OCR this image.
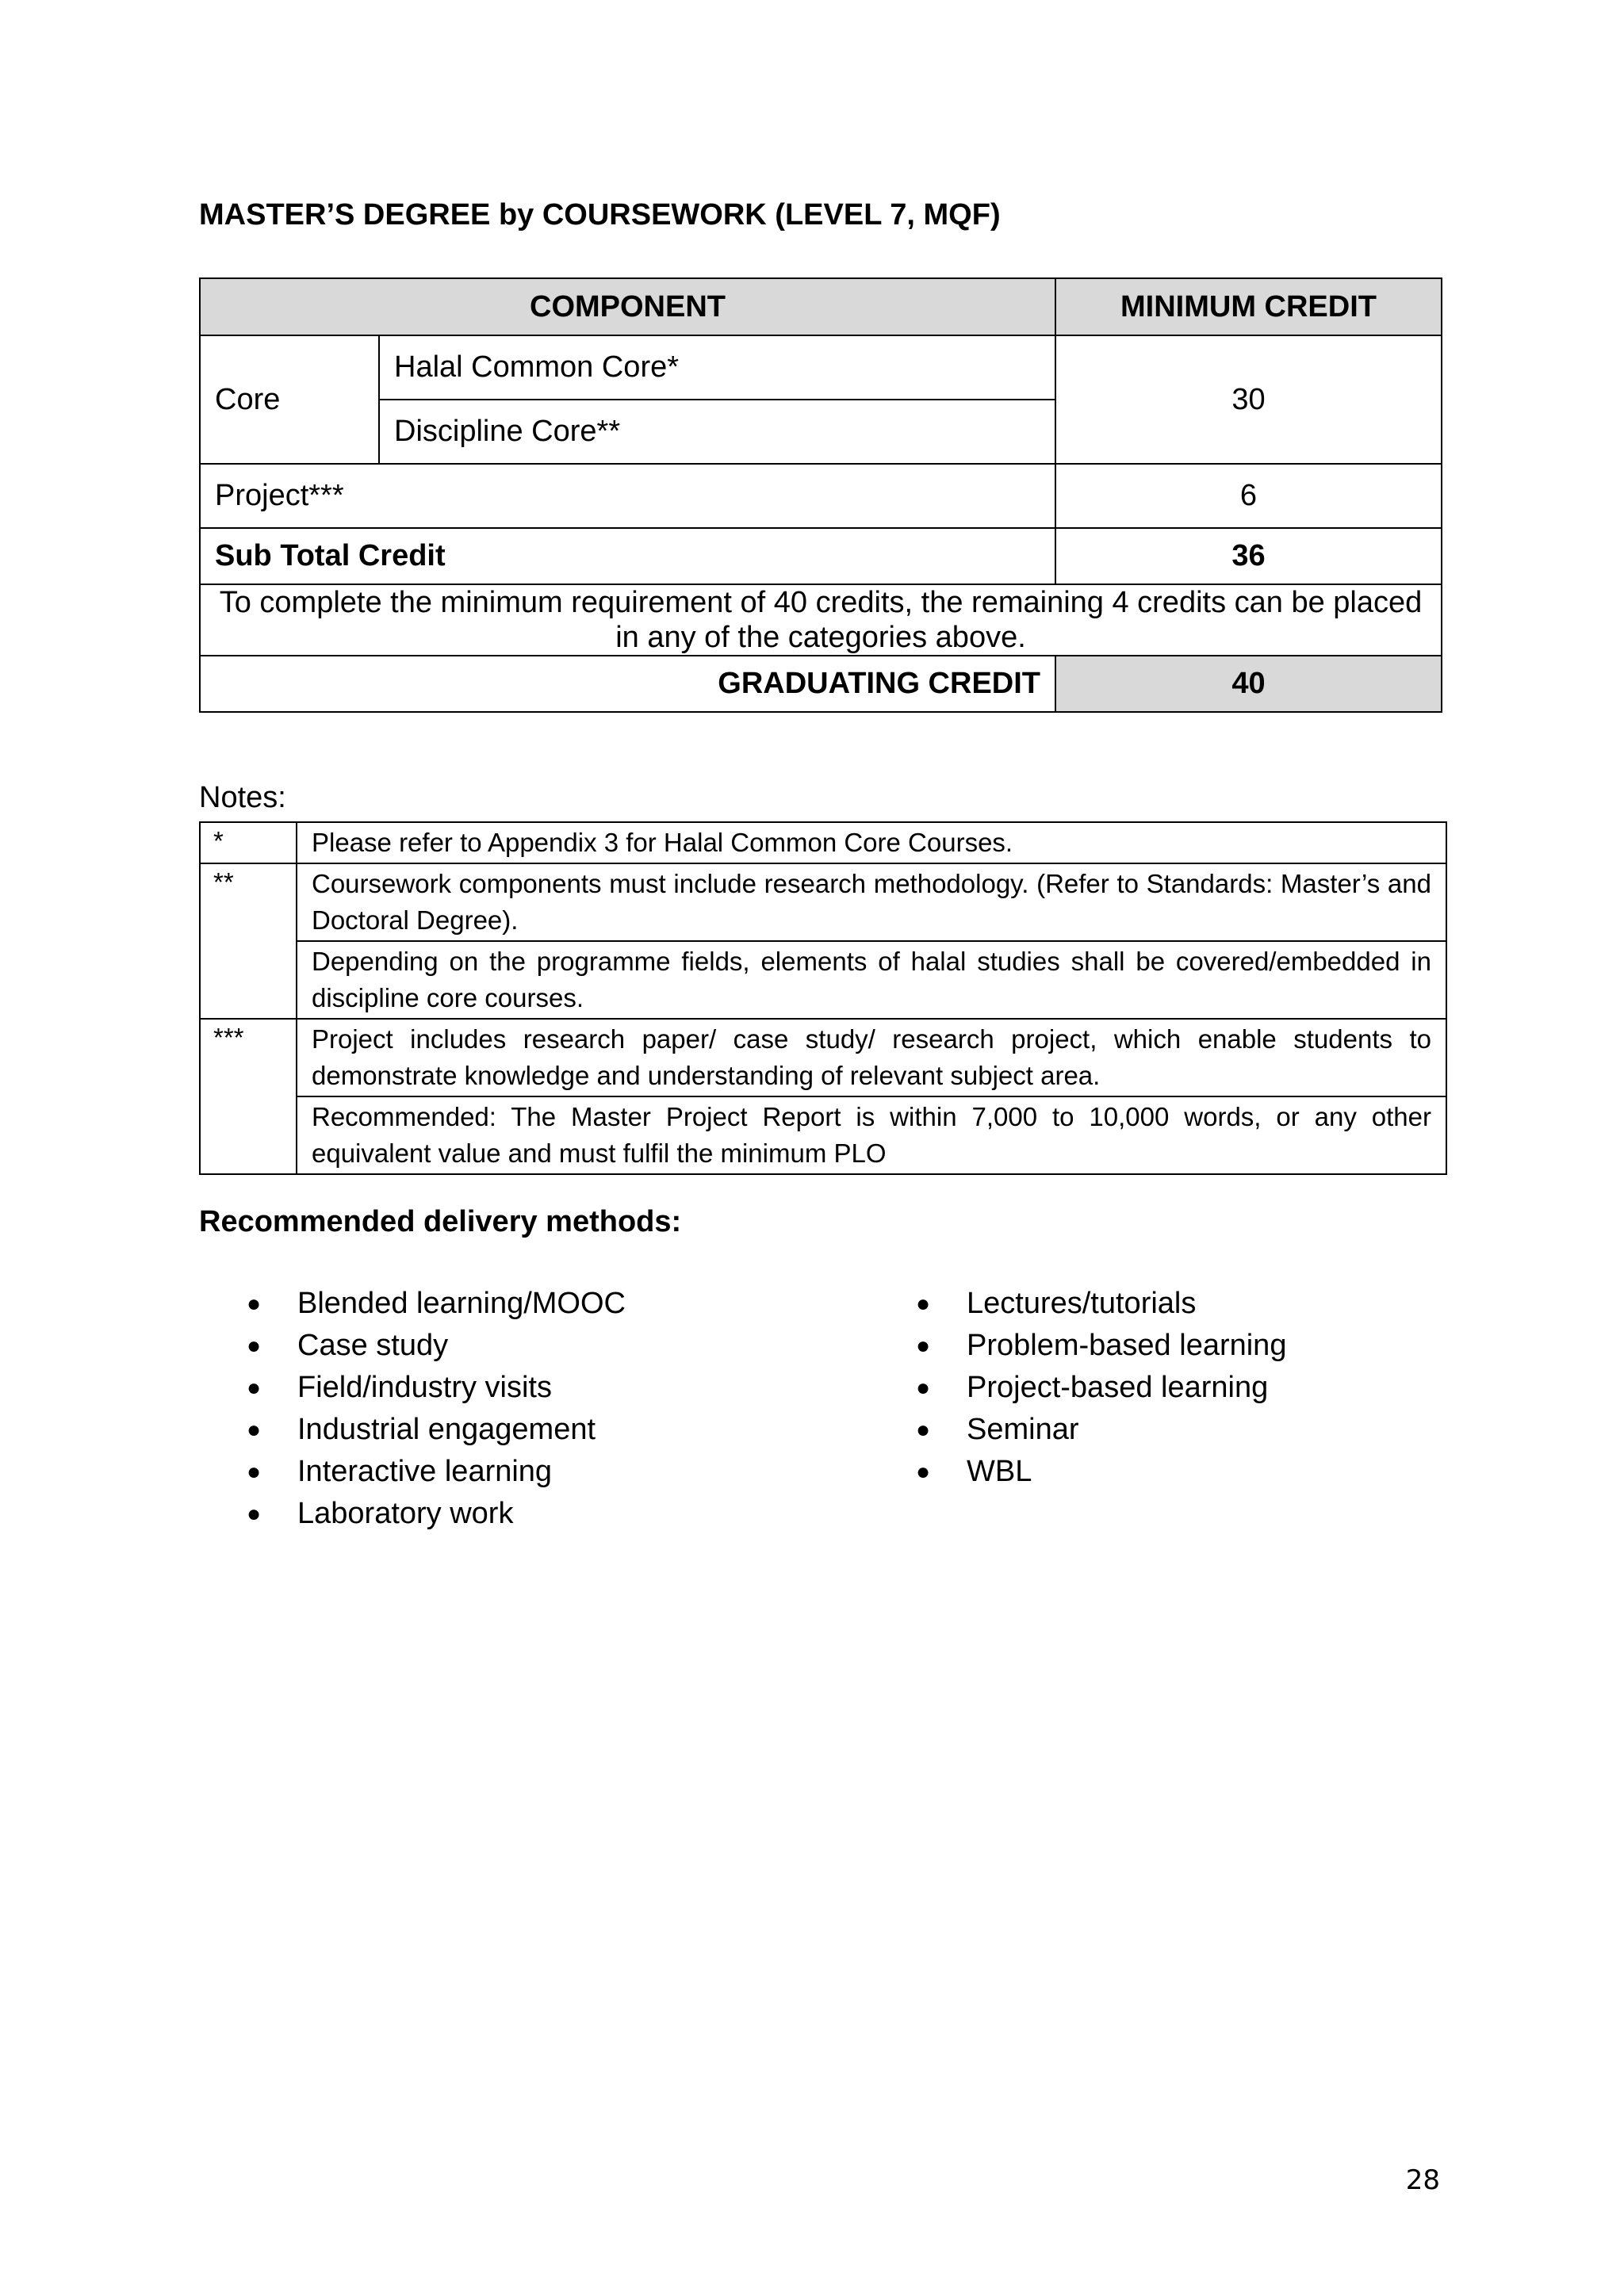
MASTER’S DEGREE by COURSEWORK (LEVEL 7, MQF)
COMPONENT		MINIMUM CREDIT
Core	Halal Common Core*	30
	Discipline Core**	
Project***		6
Sub Total Credit		36
To complete the minimum requirement of 40 credits, the remaining 4 credits can be placed in any of the categories above.		
GRADUATING CREDIT		40

Notes:

*	Please refer to Appendix 3 for Halal Common Core Courses.
**	Coursework components must include research methodology. (Refer to Standards: Master’s and Doctoral Degree).
	Depending on the programme fields, elements of halal studies shall be covered/embedded in discipline core courses.
***	Project includes research paper/ case study/ research project, which enable students to demonstrate knowledge and understanding of relevant subject area.
	Recommended: The Master Project Report is within 7,000 to 10,000 words, or any other equivalent value and must fulfil the minimum PLO
Recommended delivery methods:
● Blended learning/MOOC
● Case study
● Field/industry visits
● Industrial engagement
● Interactive learning
● Laboratory work
● Lectures/tutorials
● Problem-based learning
● Project-based learning
● Seminar
● WBL

28
